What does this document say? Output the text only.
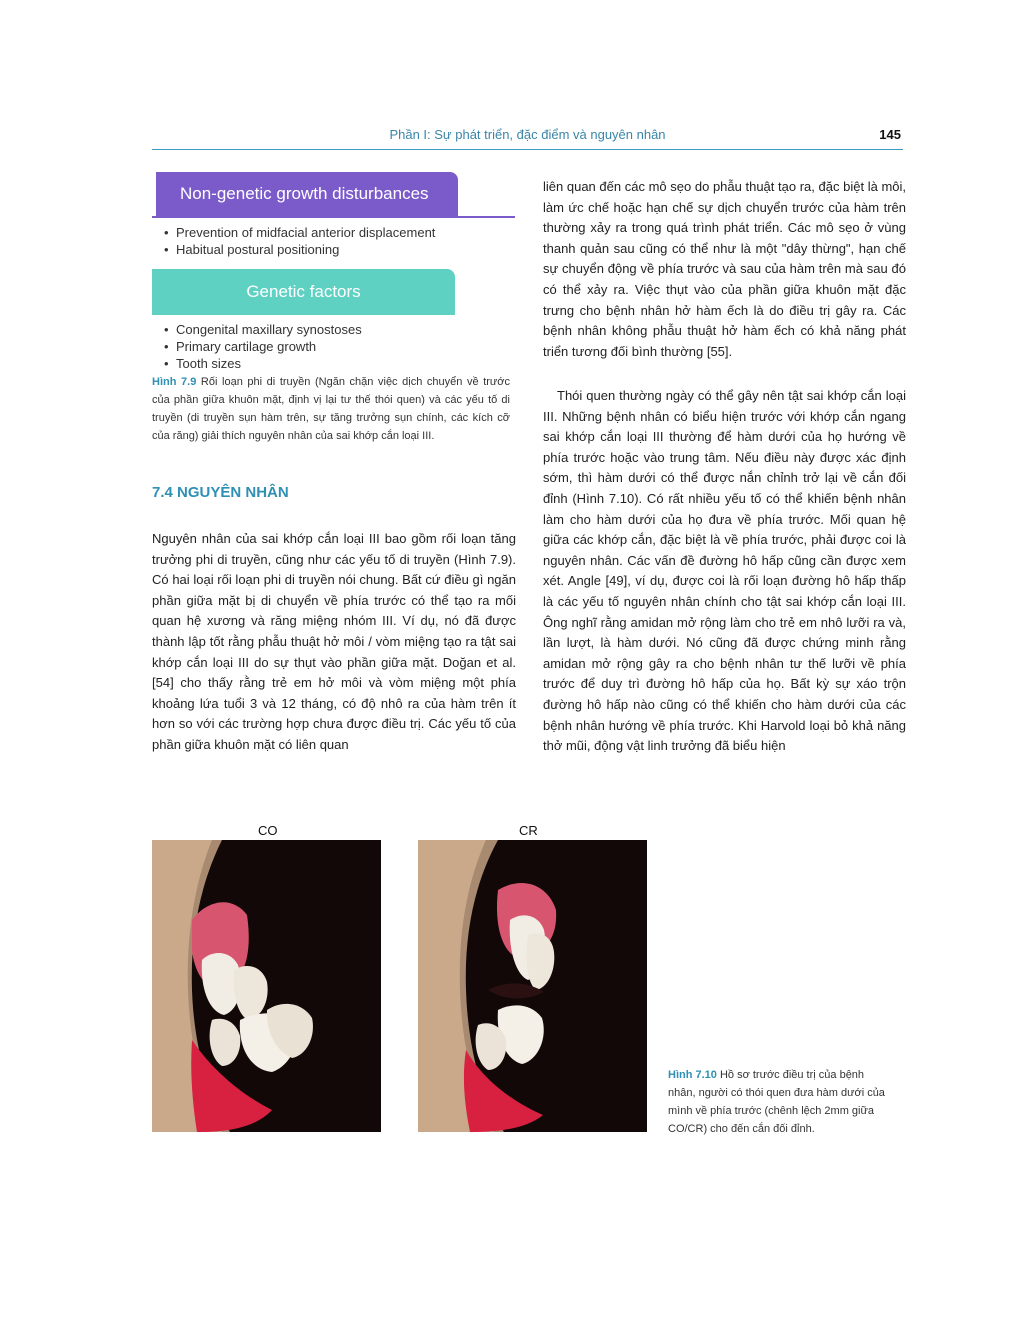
Phần I: Sự phát triển, đặc điểm và nguyên nhân	145
Non-genetic growth disturbances
• Prevention of midfacial anterior displacement
• Habitual postural positioning
Genetic factors
• Congenital maxillary synostoses
• Primary cartilage growth
• Tooth sizes
Hình 7.9 Rối loạn phi di truyền (Ngăn chặn việc dịch chuyển về trước của phần giữa khuôn mặt, định vị lại tư thế thói quen) và các yếu tố di truyền (di truyền sụn hàm trên, sự tăng trưởng sụn chính, các kích cỡ của răng) giải thích nguyên nhân của sai khớp cắn loại III.
7.4 NGUYÊN NHÂN

Nguyên nhân của sai khớp cắn loại III bao gồm rối loạn tăng trưởng phi di truyền, cũng như các yếu tố di truyền (Hình 7.9). Có hai loại rối loạn phi di truyền nói chung. Bất cứ điều gì ngăn phần giữa mặt bị di chuyển về phía trước có thể tạo ra mối quan hệ xương và răng miệng nhóm III. Ví dụ, nó đã được thành lập tốt rằng phẫu thuật hở môi / vòm miệng tạo ra tật sai khớp cắn loại III do sự thụt vào phần giữa mặt. Doğan et al. [54] cho thấy rằng trẻ em hở môi và vòm miệng một phía khoảng lứa tuổi 3 và 12 tháng, có độ nhô ra của hàm trên ít hơn so với các trường hợp chưa được điều trị. Các yếu tố của phần giữa khuôn mặt có liên quan

liên quan đến các mô sẹo do phẫu thuật tạo ra, đặc biệt là môi, làm ức chế hoặc hạn chế sự dịch chuyển trước của hàm trên thường xảy ra trong quá trình phát triển. Các mô sẹo ở vùng thanh quản sau cũng có thể như là một "dây thừng", hạn chế sự chuyển động về phía trước và sau của hàm trên mà sau đó có thể xảy ra. Việc thụt vào của phần giữa khuôn mặt đặc trưng cho bệnh nhân hở hàm ếch là do điều trị gây ra. Các bệnh nhân không phẫu thuật hở hàm ếch có khả năng phát triển tương đối bình thường [55].

Thói quen thường ngày có thể gây nên tật sai khớp cắn loại III. Những bệnh nhân có biểu hiện trước với khớp cắn ngang sai khớp cắn loại III thường để hàm dưới của họ hướng về phía trước hoặc vào trung tâm. Nếu điều này được xác định sớm, thì hàm dưới có thể được nắn chỉnh trở lại về cắn đối đỉnh (Hình 7.10). Có rất nhiều yếu tố có thể khiến bệnh nhân làm cho hàm dưới của họ đưa về phía trước. Mối quan hệ giữa các khớp cắn, đặc biệt là về phía trước, phải được coi là nguyên nhân. Các vấn đề đường hô hấp cũng cần được xem xét. Angle [49], ví dụ, được coi là rối loạn đường hô hấp thấp là các yếu tố nguyên nhân chính cho tật sai khớp cắn loại III. Ông nghĩ rằng amidan mở rộng làm cho trẻ em nhô lưỡi ra và, lần lượt, là hàm dưới. Nó cũng đã được chứng minh rằng amidan mở rộng gây ra cho bệnh nhân tư thế lưỡi về phía trước để duy trì đường hô hấp của họ. Bất kỳ sự xáo trộn đường hô hấp nào cũng có thể khiến cho hàm dưới của các bệnh nhân hướng về phía trước. Khi Harvold loại bỏ khả năng thở mũi, động vật linh trưởng đã biểu hiện

CO	CR
Hình 7.10 Hồ sơ trước điều trị của bệnh nhân, người có thói quen đưa hàm dưới của mình về phía trước (chênh lệch 2mm giữa CO/CR) cho đến cắn đối đỉnh.
